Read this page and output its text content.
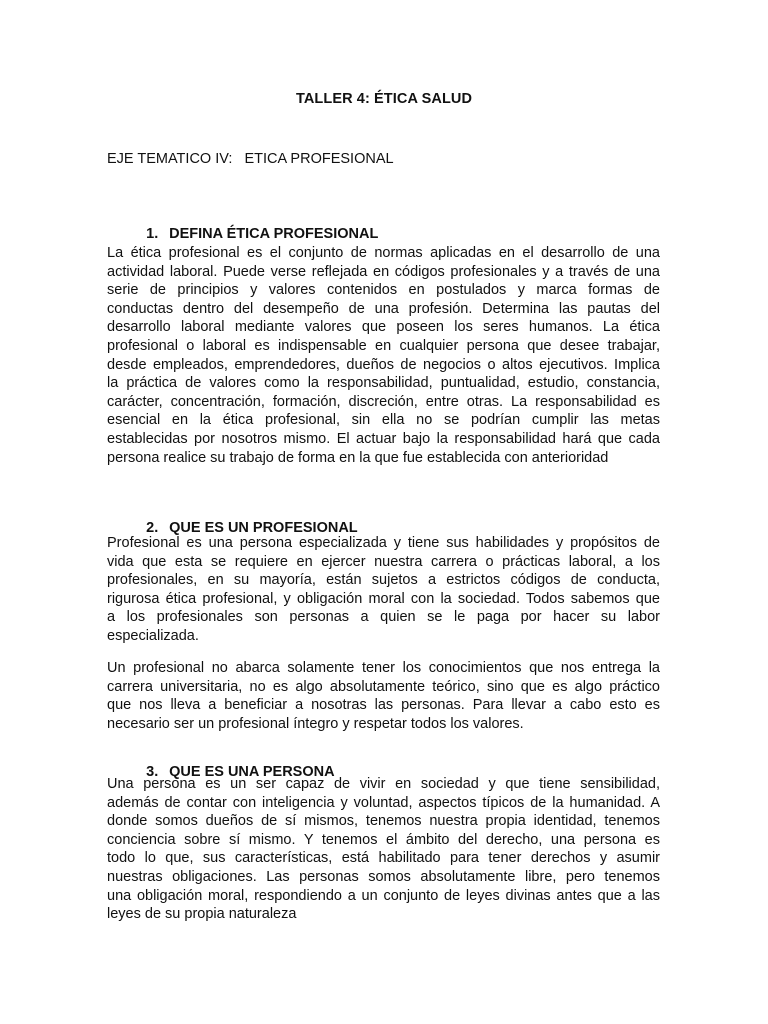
TALLER 4: ÉTICA SALUD
EJE TEMATICO IV:   ETICA PROFESIONAL

1. DEFINA ÉTICA PROFESIONAL

La ética profesional es el conjunto de normas aplicadas en el desarrollo de una
actividad laboral. Puede verse reflejada en códigos profesionales y a través de una
serie de principios y valores contenidos en postulados y marca formas de
conductas dentro del desempeño de una profesión. Determina las pautas del
desarrollo laboral mediante valores que poseen los seres humanos. La ética
profesional o laboral es indispensable en cualquier persona que desee trabajar,
desde empleados, emprendedores, dueños de negocios o altos ejecutivos. Implica
la práctica de valores como la responsabilidad, puntualidad, estudio, constancia,
carácter, concentración, formación, discreción, entre otras. La responsabilidad es
esencial en la ética profesional, sin ella no se podrían cumplir las metas
establecidas por nosotros mismo. El actuar bajo la responsabilidad hará que cada
persona realice su trabajo de forma en la que fue establecida con anterioridad

2. QUE ES UN PROFESIONAL

Profesional es una persona especializada y tiene sus habilidades y propósitos de
vida que esta se requiere en ejercer nuestra carrera o prácticas laboral, a los
profesionales, en su mayoría, están sujetos a estrictos códigos de conducta,
rigurosa ética profesional, y obligación moral con la sociedad. Todos sabemos que
a los profesionales son personas a quien se le paga por hacer su labor
especializada.
Un profesional no abarca solamente tener los conocimientos que nos entrega la
carrera universitaria, no es algo absolutamente teórico, sino que es algo práctico
que nos lleva a beneficiar a nosotras las personas. Para llevar a cabo esto es
necesario ser un profesional íntegro y respetar todos los valores.

3. QUE ES UNA PERSONA

Una persona es un ser capaz de vivir en sociedad y que tiene sensibilidad,
además de contar con inteligencia y voluntad, aspectos típicos de la humanidad. A
donde somos dueños de sí mismos, tenemos nuestra propia identidad, tenemos
conciencia sobre sí mismo. Y tenemos el ámbito del derecho, una persona es
todo lo que, sus características, está habilitado para tener derechos y asumir
nuestras obligaciones. Las personas somos absolutamente libre, pero tenemos
una obligación moral, respondiendo a un conjunto de leyes divinas antes que a las
leyes de su propia naturaleza
